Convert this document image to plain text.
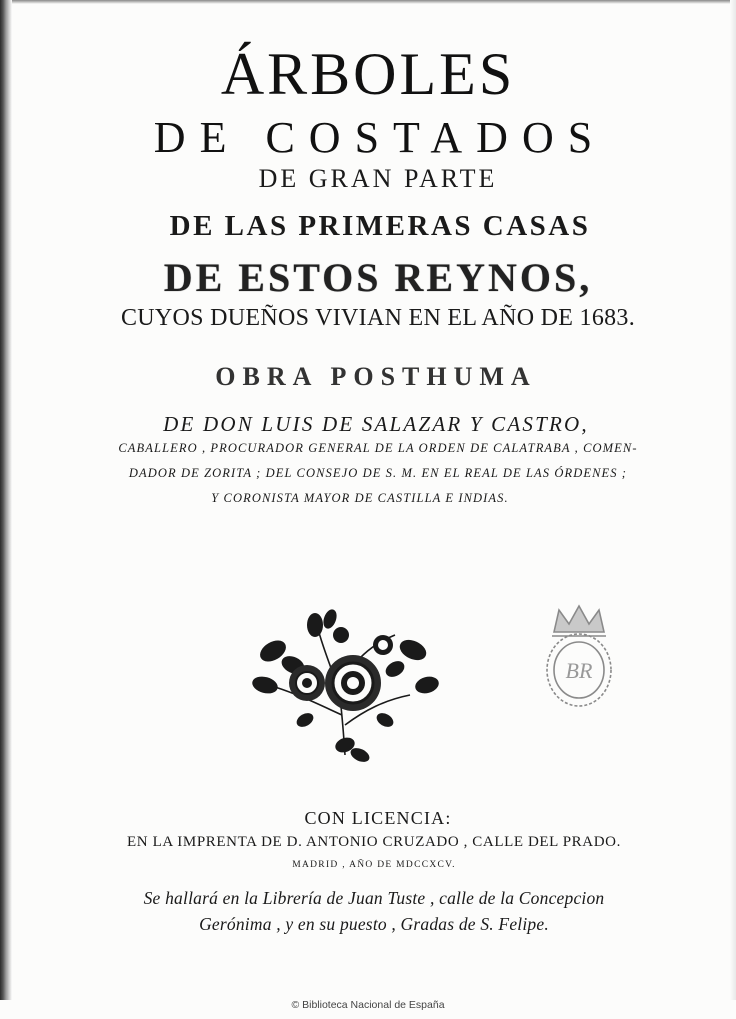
ÁRBOLES

DE COSTADOS

DE GRAN PARTE

DE LAS PRIMERAS CASAS

DE ESTOS REYNOS,

CUYOS DUEÑOS VIVIAN EN EL AÑO DE 1683.

OBRA POSTHUMA

DE DON LUIS DE SALAZAR Y CASTRO,

CABALLERO , PROCURADOR GENERAL DE LA ORDEN DE CALATRABA , COMEN-

DADOR DE ZORITA ; DEL CONSEJO DE S. M. EN EL REAL DE LAS ÓRDENES ;

Y CORONISTA MAYOR DE CASTILLA E INDIAS.

BR

CON LICENCIA:

EN LA IMPRENTA DE D. ANTONIO CRUZADO , CALLE DEL PRADO.

MADRID , AÑO DE MDCCXCV.

Se hallará en la Librería de Juan Tuste , calle de la Concepcion

Gerónima , y en su puesto , Gradas de S. Felipe.

© Biblioteca Nacional de España
